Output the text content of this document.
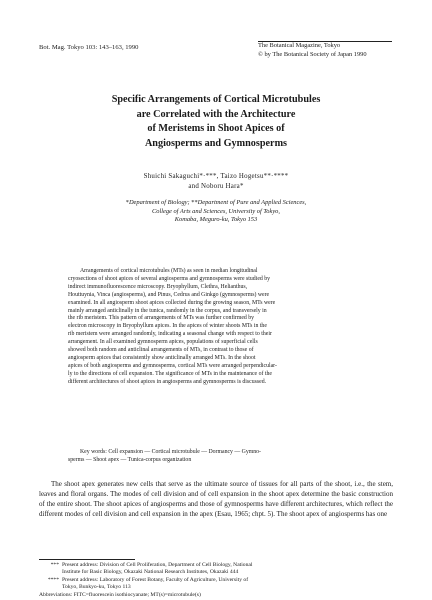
Bot. Mag. Tokyo 103: 143–163, 1990	The Botanical Magazine, Tokyo
© by The Botanical Society of Japan 1990
Specific Arrangements of Cortical Microtubules
are Correlated with the Architecture
of Meristems in Shoot Apices of
Angiosperms and Gymnosperms
Shuichi Sakaguchi*·***, Taizo Hogetsu**·****
and Noboru Hara*
*Department of Biology; **Department of Pure and Applied Sciences,
College of Arts and Sciences, University of Tokyo,
Komaba, Meguro-ku, Tokyo 153
Arrangements of cortical microtubules (MTs) as seen in median longitudinal
cryosections of shoot apices of several angiosperms and gymnosperms were studied by
indirect immunofluorescence microscopy. Bryophyllum, Clethra, Helianthus,
Houttuynia, Vinca (angiosperms), and Pinus, Cedrus and Ginkgo (gymnosperms) were
examined. In all angiosperm shoot apices collected during the growing season, MTs were
mainly arranged anticlinally in the tunica, randomly in the corpus, and transversely in
the rib meristem. This pattern of arrangements of MTs was further confirmed by
electron microscopy in Bryophyllum apices. In the apices of winter shoots MTs in the
rib meristem were arranged randomly, indicating a seasonal change with respect to their
arrangement. In all examined gymnosperm apices, populations of superficial cells
showed both random and anticlinal arrangements of MTs, in contrast to those of
angiosperm apices that consistently show anticlinally arranged MTs. In the shoot
apices of both angiosperms and gymnosperms, cortical MTs were arranged perpendicular-
ly to the directions of cell expansion. The significance of MTs in the maintenance of the
different architectures of shoot apices in angiosperms and gymnosperms is discussed.
Key words: Cell expansion — Cortical microtubule — Dormancy — Gymno-
sperms — Shoot apex — Tunica-corpus organization

The shoot apex generates new cells that serve as the ultimate source of tissues for all parts of the shoot, i.e., the stem, leaves and floral organs. The modes of cell division and of cell expansion in the shoot apex determine the basic construction of the entire shoot. The shoot apices of angiosperms and those of gymnosperms have different architectures, which reflect the different modes of cell division and cell expansion in the apex (Esau, 1965; chpt. 5). The shoot apex of angiosperms has one

*** Present address: Division of Cell Proliferation, Department of Cell Biology, National
Institute for Basic Biology, Okazaki National Research Institutes, Okazaki 444
**** Present address: Laboratory of Forest Botany, Faculty of Agriculture, University of
Tokyo, Bunkyo-ku, Tokyo 113
Abbreviations: FITC=fluorescein isothiocyanate; MT(s)=microtubule(s)
